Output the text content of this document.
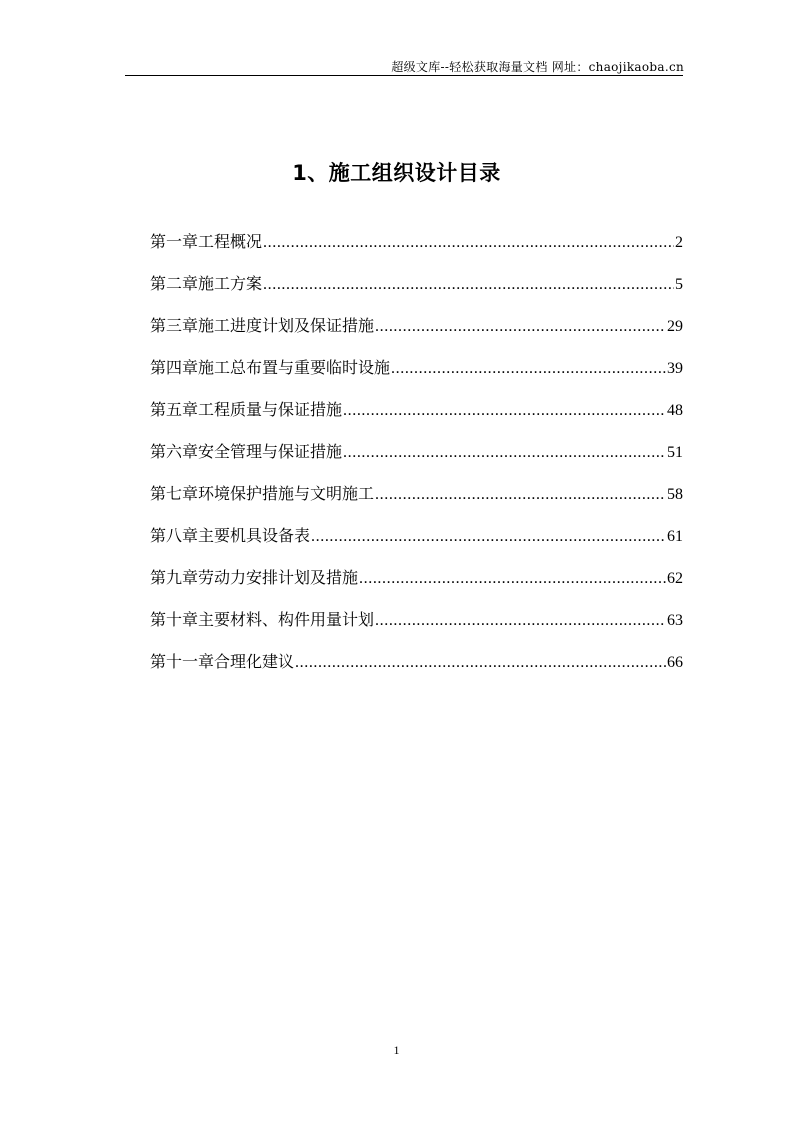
超级文库--轻松获取海量文档 网址：chaojikaoba.cn
1、施工组织设计目录
第一章 工程概况 .....	2
第二章 施工方案 .....	5
第三章 施工进度计划及保证措施 .....	29
第四章 施工总布置与重要临时设施 .....	39
第五章 工程质量与保证措施 .....	48
第六章 安全管理与保证措施 .....	51
第七章 环境保护措施与文明施工 .....	58
第八章 主要机具设备表 .....	61
第九章 劳动力安排计划及措施 .....	62
第十章 主要材料、构件用量计划 .....	63
第十一章 合理化建议 .....	66
1
